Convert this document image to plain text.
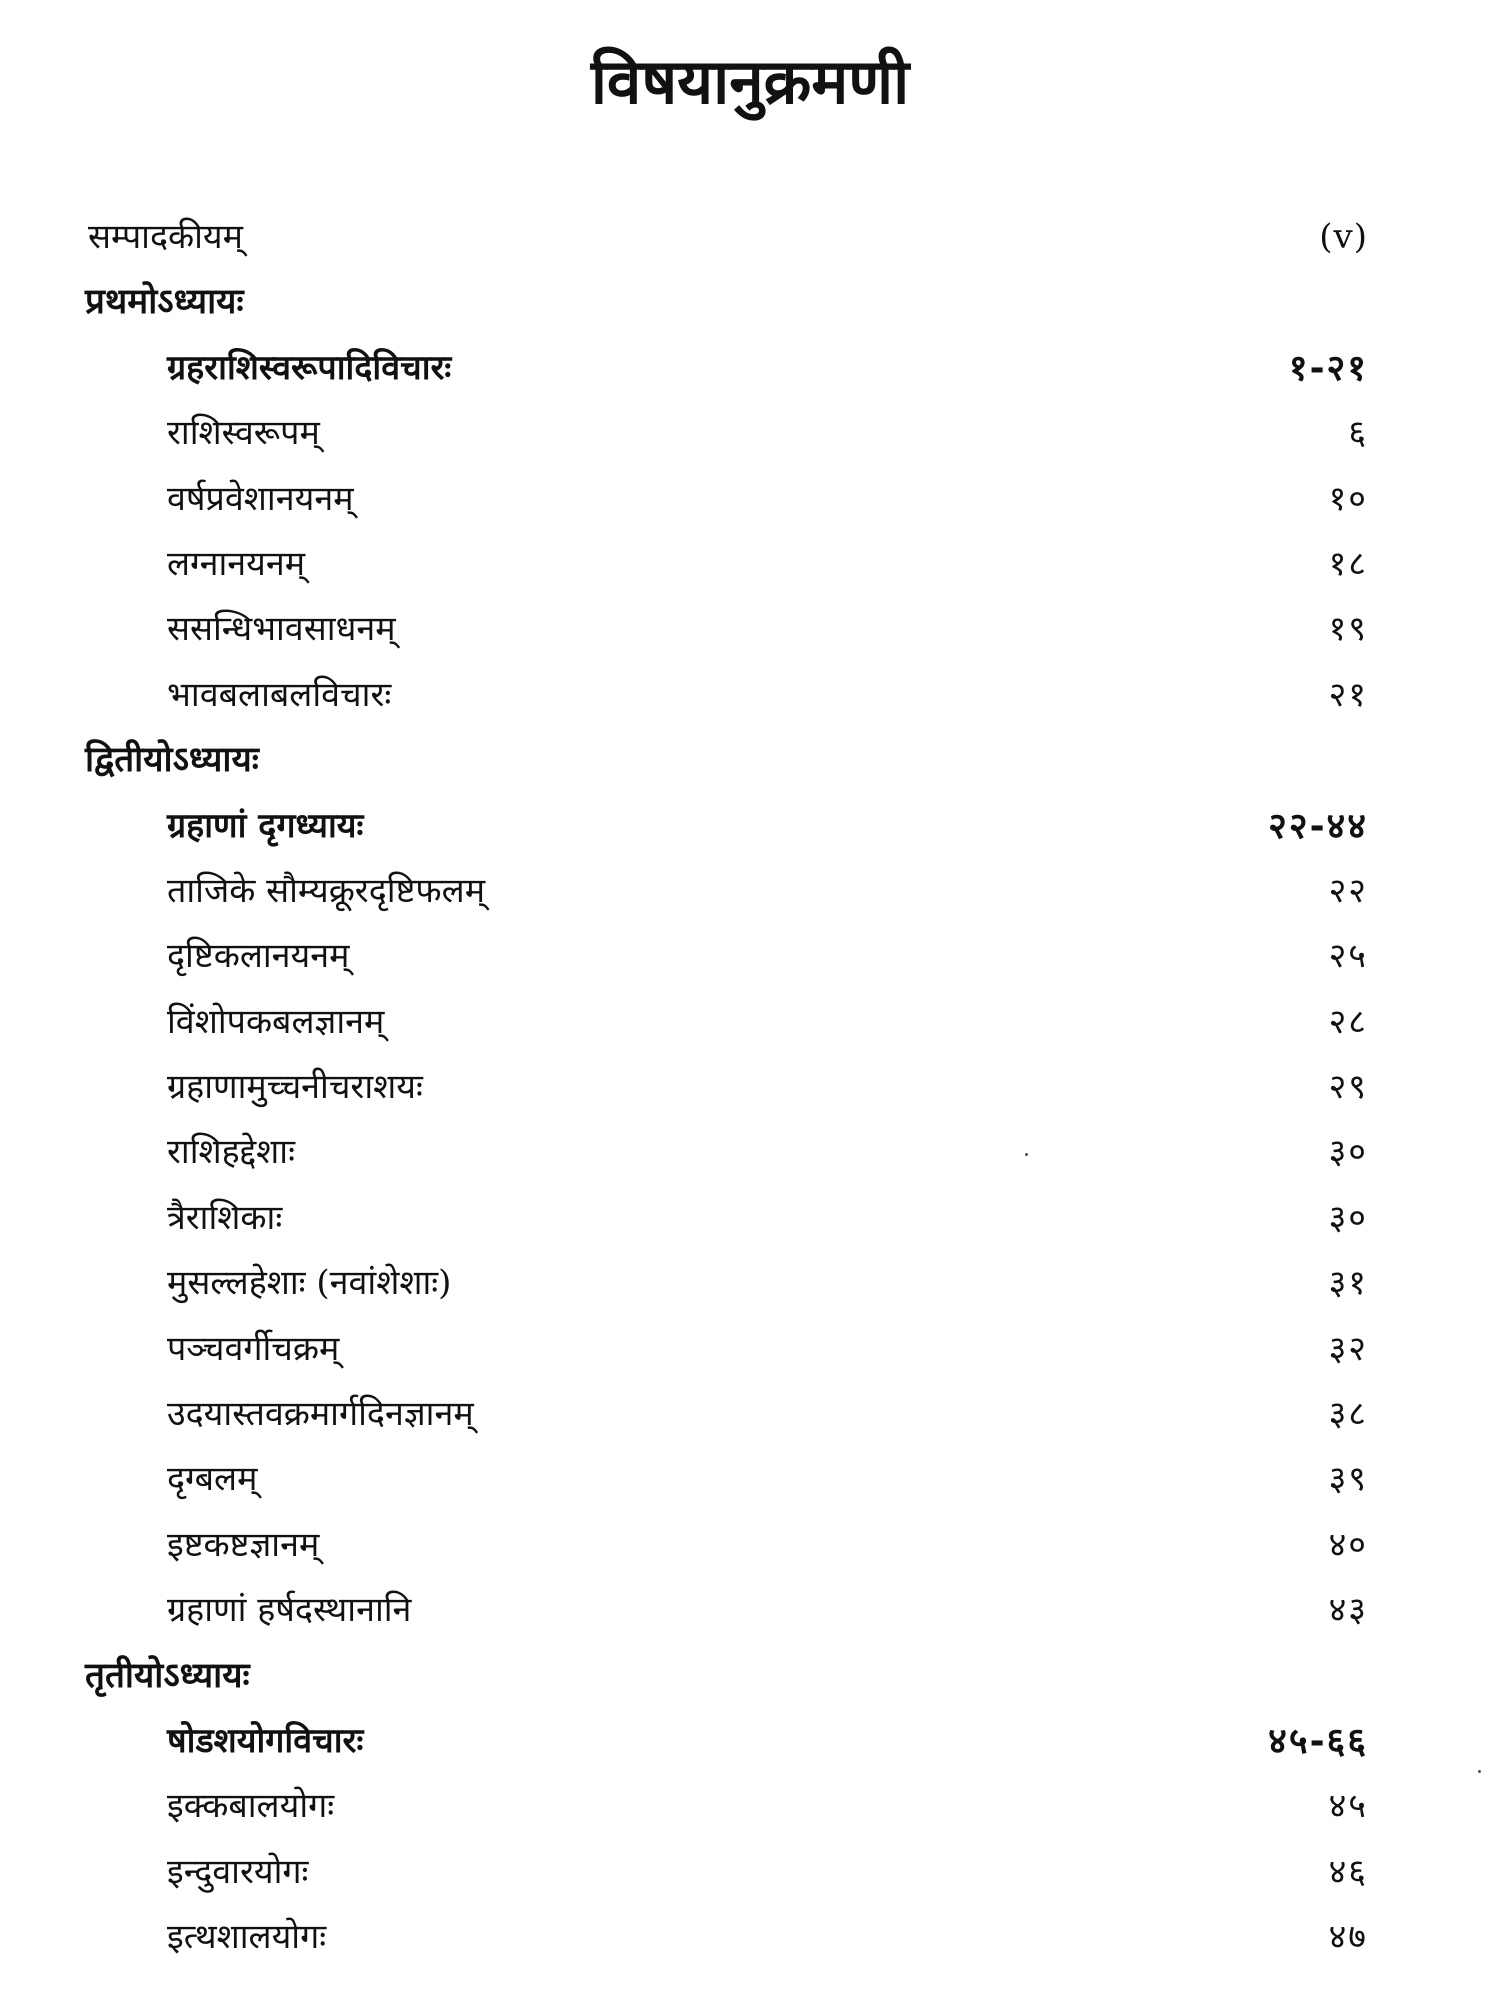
विषयानुक्रमणी
सम्पादकीयम्	(v)
प्रथमोऽध्यायः
ग्रहराशिस्वरूपादिविचारः	१-२१
राशिस्वरूपम्	६
वर्षप्रवेशानयनम्	१०
लग्नानयनम्	१८
ससन्धिभावसाधनम्	१९
भावबलाबलविचारः	२१
द्वितीयोऽध्यायः
ग्रहाणां दृगध्यायः	२२-४४
ताजिके सौम्यक्रूरदृष्टिफलम्	२२
दृष्टिकलानयनम्	२५
विंशोपकबलज्ञानम्	२८
ग्रहाणामुच्चनीचराशयः	२९
राशिहद्देशाः	३०
त्रैराशिकाः	३०
मुसल्लहेशाः (नवांशेशाः)	३१
पञ्चवर्गीचक्रम्	३२
उदयास्तवक्रमार्गदिनज्ञानम्	३८
दृग्बलम्	३९
इष्टकष्टज्ञानम्	४०
ग्रहाणां हर्षदस्थानानि	४३
तृतीयोऽध्यायः
षोडशयोगविचारः	४५-६६
इक्कबालयोगः	४५
इन्दुवारयोगः	४६
इत्थशालयोगः	४७
